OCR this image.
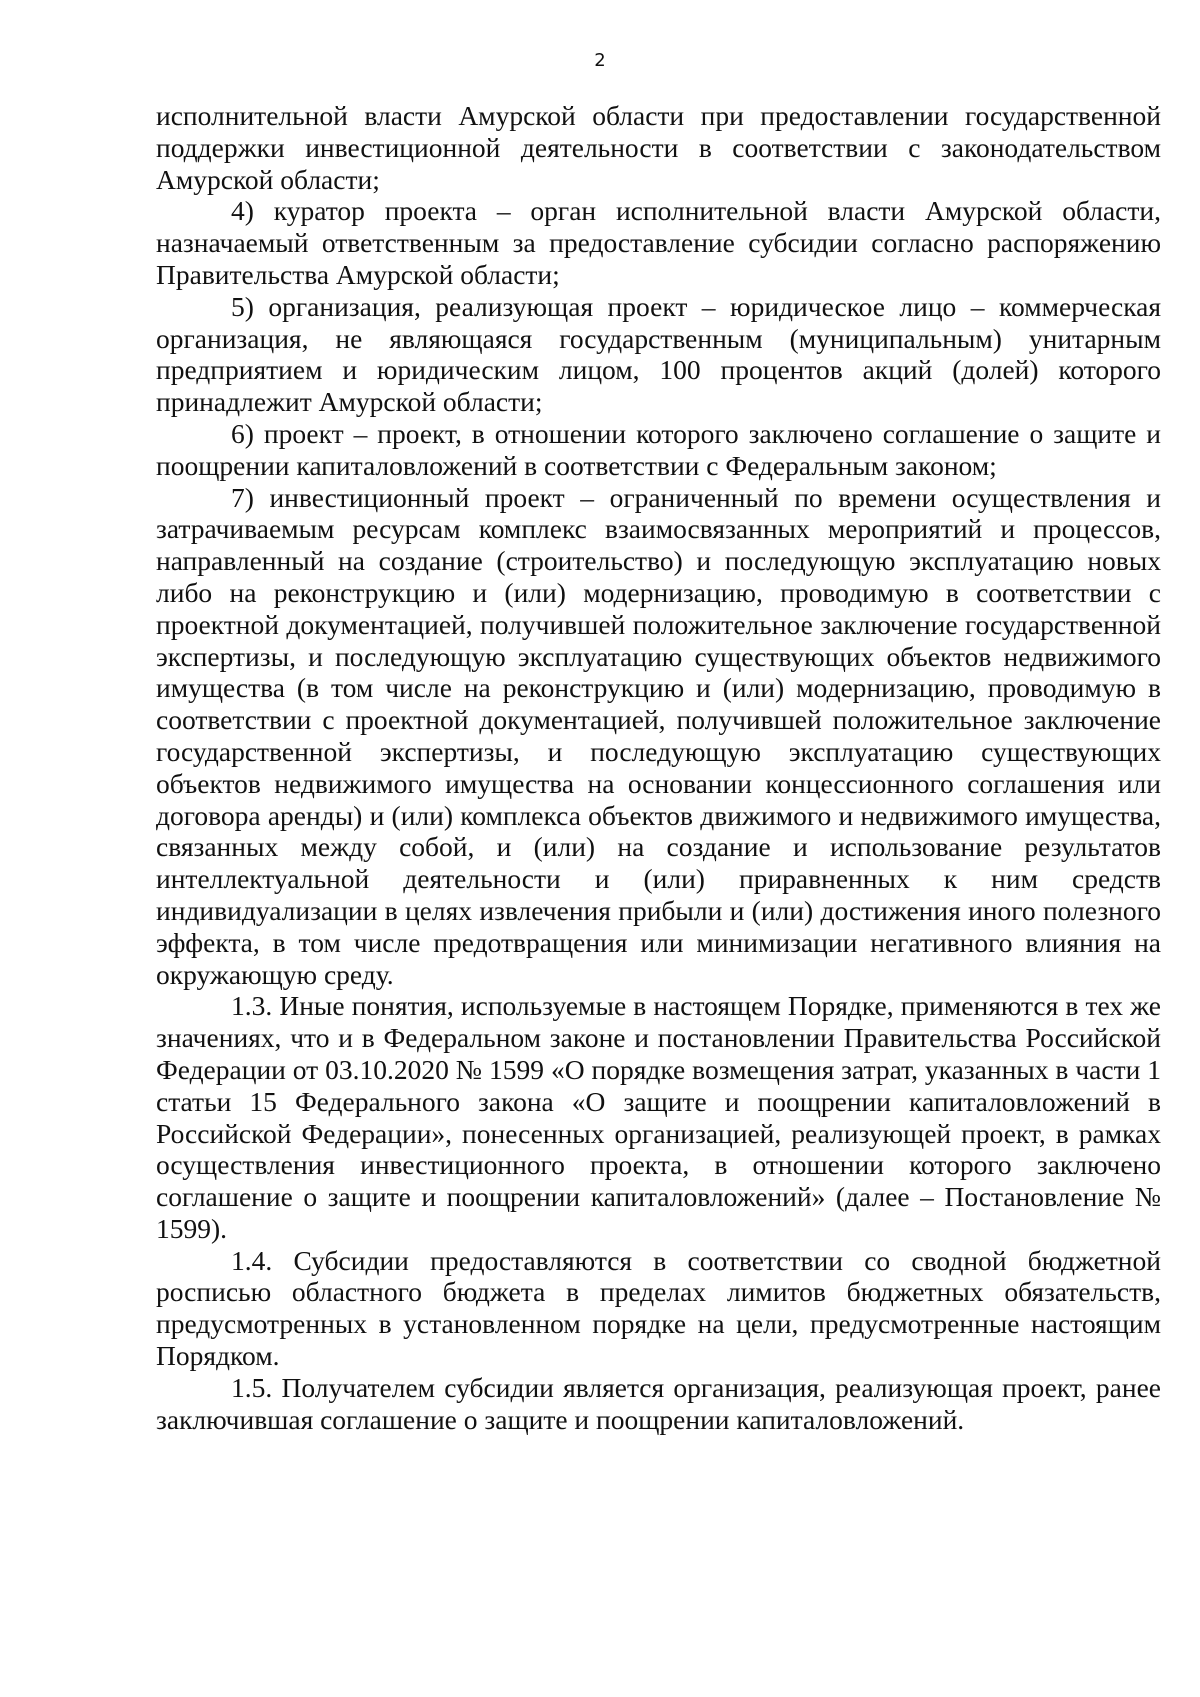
2

исполнительной власти Амурской области при предоставлении государственной поддержки инвестиционной деятельности в соответствии с законодательством Амурской области;

4) куратор проекта – орган исполнительной власти Амурской области, назначаемый ответственным за предоставление субсидии согласно распоряжению Правительства Амурской области;

5) организация, реализующая проект – юридическое лицо – коммерческая организация, не являющаяся государственным (муниципальным) унитарным предприятием и юридическим лицом, 100 процентов акций (долей) которого принадлежит Амурской области;

6) проект – проект, в отношении которого заключено соглашение о защите и поощрении капиталовложений в соответствии с Федеральным законом;

7) инвестиционный проект – ограниченный по времени осуществления и затрачиваемым ресурсам комплекс взаимосвязанных мероприятий и процессов, направленный на создание (строительство) и последующую эксплуатацию новых либо на реконструкцию и (или) модернизацию, проводимую в соответствии с проектной документацией, получившей положительное заключение государственной экспертизы, и последующую эксплуатацию существующих объектов недвижимого имущества (в том числе на реконструкцию и (или) модернизацию, проводимую в соответствии с проектной документацией, получившей положительное заключение государственной экспертизы, и последующую эксплуатацию существующих объектов недвижимого имущества на основании концессионного соглашения или договора аренды) и (или) комплекса объектов движимого и недвижимого имущества, связанных между собой, и (или) на создание и использование результатов интеллектуальной деятельности и (или) приравненных к ним средств индивидуализации в целях извлечения прибыли и (или) достижения иного полезного эффекта, в том числе предотвращения или минимизации негативного влияния на окружающую среду.

1.3. Иные понятия, используемые в настоящем Порядке, применяются в тех же значениях, что и в Федеральном законе и постановлении Правительства Российской Федерации от 03.10.2020 № 1599 «О порядке возмещения затрат, указанных в части 1 статьи 15 Федерального закона «О защите и поощрении капиталовложений в Российской Федерации», понесенных организацией, реализующей проект, в рамках осуществления инвестиционного проекта, в отношении которого заключено соглашение о защите и поощрении капиталовложений» (далее – Постановление № 1599).

1.4. Субсидии предоставляются в соответствии со сводной бюджетной росписью областного бюджета в пределах лимитов бюджетных обязательств, предусмотренных в установленном порядке на цели, предусмотренные настоящим Порядком.

1.5. Получателем субсидии является организация, реализующая проект, ранее заключившая соглашение о защите и поощрении капиталовложений.
